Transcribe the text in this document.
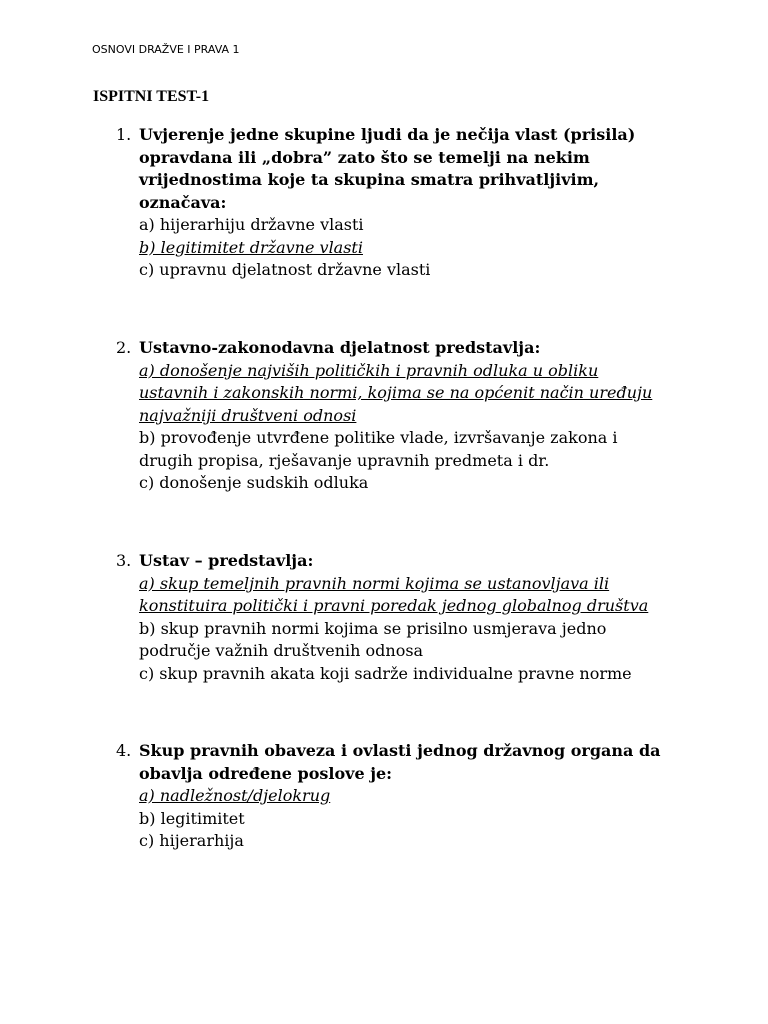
OSNOVI DRAŽVE I PRAVA 1
ISPITNI TEST-1
1. Uvjerenje jedne skupine ljudi da je nečija vlast (prisila)
opravdana ili „dobra” zato što se temelji na nekim
vrijednostima koje ta skupina smatra prihvatljivim,
označava:
a) hijerarhiju državne vlasti
b) legitimitet državne vlasti
c) upravnu djelatnost državne vlasti
2. Ustavno-zakonodavna djelatnost predstavlja:
a) donošenje najviših političkih i pravnih odluka u obliku
ustavnih i zakonskih normi, kojima se na općenit način uređuju
najvažniji društveni odnosi
b) provođenje utvrđene politike vlade, izvršavanje zakona i
drugih propisa, rješavanje upravnih predmeta i dr.
c) donošenje sudskih odluka
3. Ustav – predstavlja:
a) skup temeljnih pravnih normi kojima se ustanovljava ili
konstituira politički i pravni poredak jednog globalnog društva
b) skup pravnih normi kojima se prisilno usmjerava jedno
područje važnih društvenih odnosa
c) skup pravnih akata koji sadrže individualne pravne norme
4. Skup pravnih obaveza i ovlasti jednog državnog organa da
obavlja određene poslove je:
a) nadležnost/djelokrug
b) legitimitet
c) hijerarhija
